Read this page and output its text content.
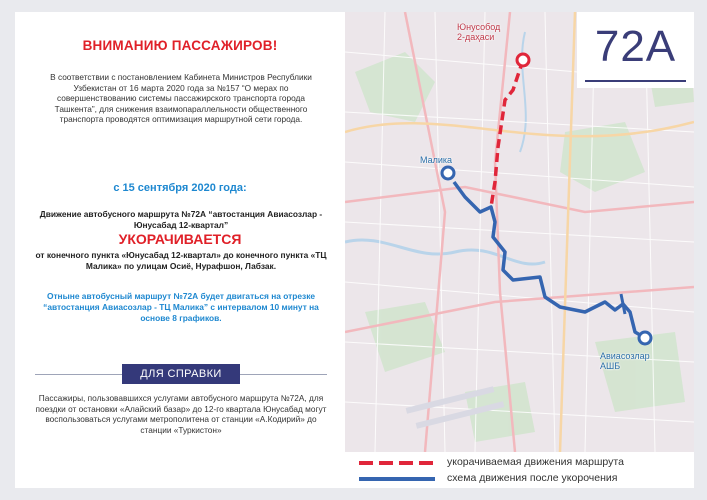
ВНИМАНИЮ ПАССАЖИРОВ!
В соответствии с постановлением Кабинета Министров Республики Узбекистан от 16 марта 2020 года за №157 “О мерах по совершенствованию системы пассажирского транспорта города Ташкента”, для снижения взаимопараллельности общественного транспорта проводятся оптимизация маршрутной сети города.
с 15 сентября 2020 года:
Движение автобусного маршрута №72А “автостанция Авиасозлар - Юнусабад 12-квартал”
УКОРАЧИВАЕТСЯ
от конечного пункта «Юнусабад 12-квартал» до конечного пункта «ТЦ Малика» по улицам Осиё, Нурафшон, Лабзак.
Отныне автобусный маршрут №72А будет двигаться на отрезке “автостанция Авиасозлар - ТЦ Малика” с интервалом 10 минут на основе 8 графиков.
ДЛЯ СПРАВКИ
Пассажиры, пользовавшихся услугами автобусного маршрута №72А, для поездки от остановки «Алайский базар» до 12-го квартала Юнусабад могут воспользоваться услугами метрополитена от станции «А.Кодирий» до станции «Туркистон»
Юнусобод
2-даҳаси
Малика
Авиасозлар
АШБ
укорачиваемая движения маршрута
схема движения после укорочения
72А
